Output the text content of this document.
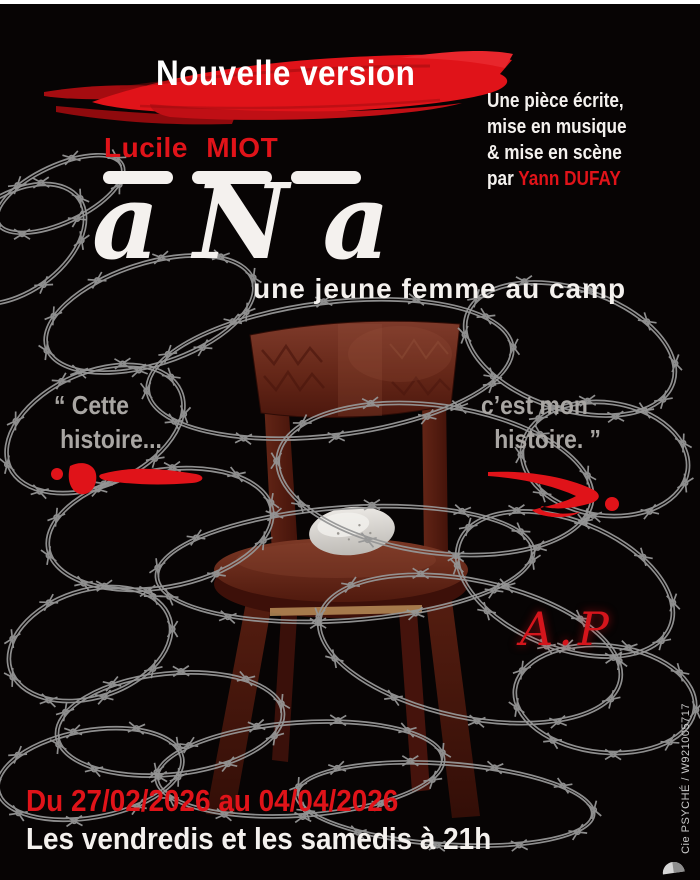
Nouvelle version
Une pièce écrite,
mise en musique
& mise en scène
par Yann DUFAY
Lucile MIOT
aNa
une jeune femme au camp
“ Cette
histoire...
c’est mon
histoire. ”
A.P
Du 27/02/2026 au 04/04/2026
Les vendredis et les samedis à 21h	Cie PSYCHÉ / W921005717
